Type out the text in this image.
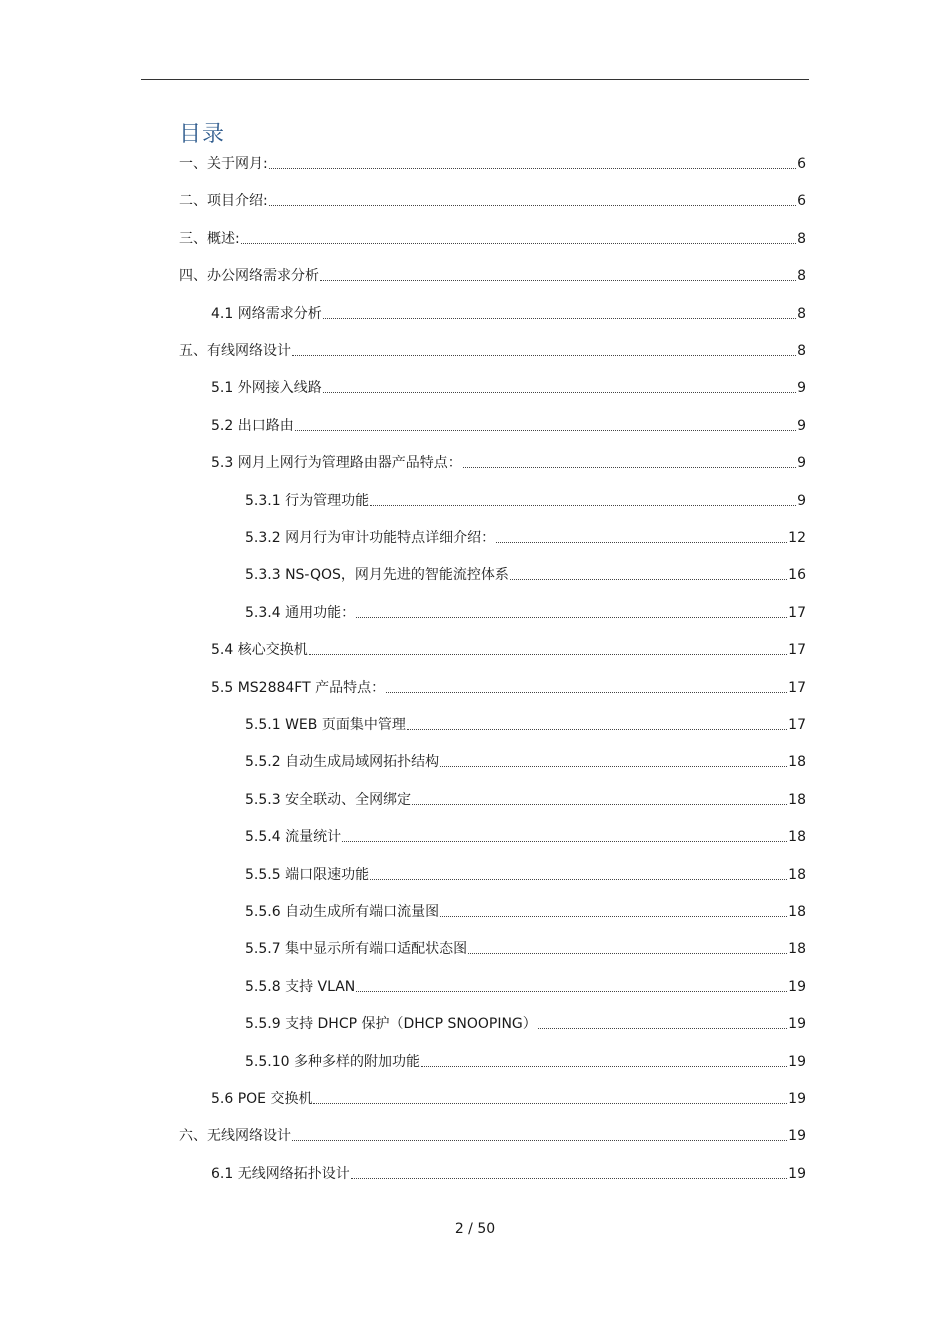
目录
一、关于网月:	6
二、项目介绍:	6
三、概述:	8
四、办公网络需求分析	8
4.1 网络需求分析	8
五、有线网络设计	8
5.1 外网接入线路	9
5.2 出口路由	9
5.3 网月上网行为管理路由器产品特点：	9
5.3.1 行为管理功能	9
5.3.2 网月行为审计功能特点详细介绍：	12
5.3.3 NS-QOS，网月先进的智能流控体系	16
5.3.4 通用功能：	17
5.4 核心交换机	17
5.5 MS2884FT 产品特点：	17
5.5.1 WEB 页面集中管理	17
5.5.2 自动生成局域网拓扑结构	18
5.5.3 安全联动、全网绑定	18
5.5.4 流量统计	18
5.5.5 端口限速功能	18
5.5.6 自动生成所有端口流量图	18
5.5.7 集中显示所有端口适配状态图	18
5.5.8 支持 VLAN	19
5.5.9 支持 DHCP 保护（DHCP SNOOPING）	19
5.5.10 多种多样的附加功能	19
5.6 POE 交换机	19
六、无线网络设计	19
6.1 无线网络拓扑设计	19
2 / 50
